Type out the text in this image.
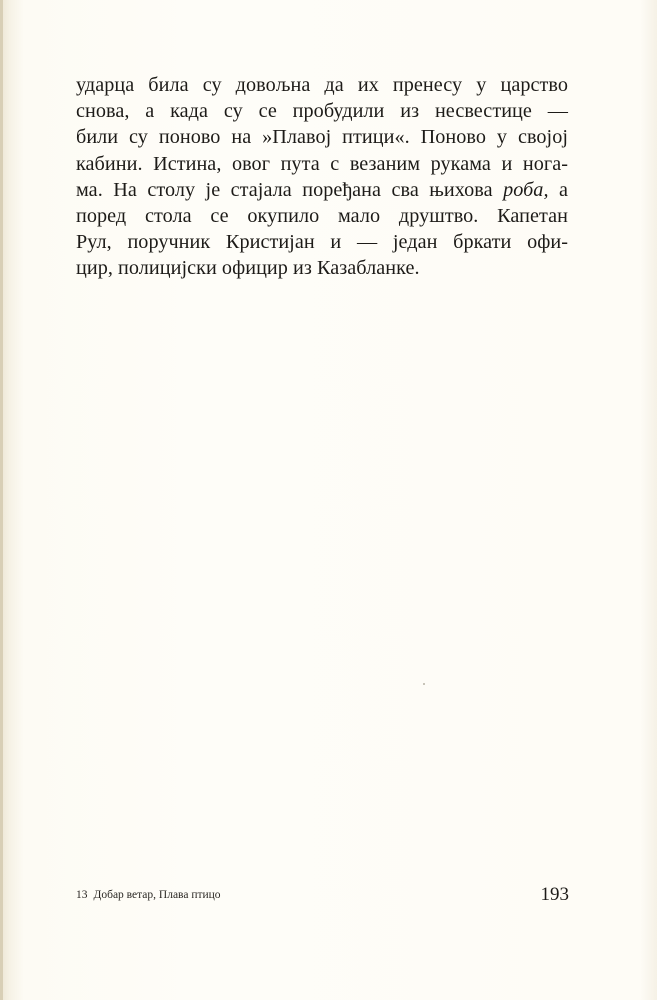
ударца била су довољна да их пренесу у царство
снова, а када су се пробудили из несвестице —
били су поново на »Плавој птици«. Поново у својој
кабини. Истина, овог пута с везаним рукама и нога-
ма. На столу је стајала поређана сва њихова роба, а
поред стола се окупило мало друштво. Капетан
Рул, поручник Кристијан и — један бркати офи-
цир, полицијски официр из Казабланке.
13 Добар ветар, Плава птицо	193
